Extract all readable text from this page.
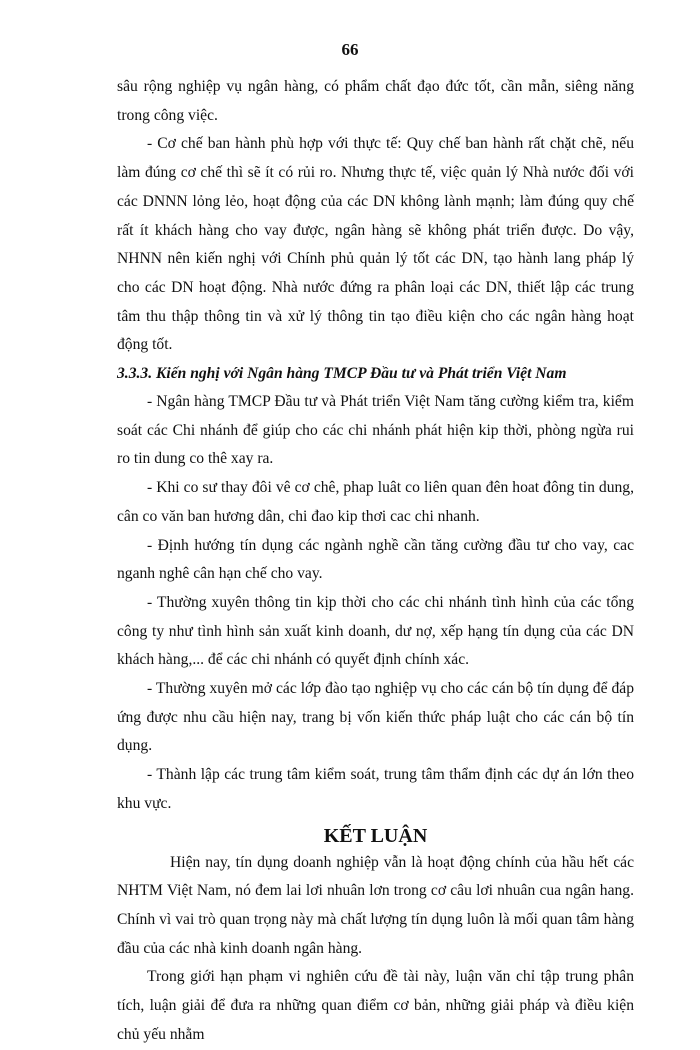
66

sâu rộng nghiệp vụ ngân hàng, có phẩm chất đạo đức tốt, cần mẫn, siêng năng trong công việc.

- Cơ chế ban hành phù hợp với thực tế: Quy chế ban hành rất chặt chẽ, nếu làm đúng cơ chế thì sẽ ít có rủi ro. Nhưng thực tế, việc quản lý Nhà nước đối với các DNNN lỏng lẻo, hoạt động của các DN không lành mạnh; làm đúng quy chế rất ít khách hàng cho vay được, ngân hàng sẽ không phát triển được. Do vậy, NHNN nên kiến nghị với Chính phủ quản lý tốt các DN, tạo hành lang pháp lý cho các DN hoạt động. Nhà nước đứng ra phân loại các DN, thiết lập các trung tâm thu thập thông tin và xử lý thông tin tạo điều kiện cho các ngân hàng hoạt động tốt.

3.3.3. Kiến nghị với Ngân hàng TMCP Đầu tư và Phát triển Việt Nam

- Ngân hàng TMCP Đầu tư và Phát triển Việt Nam tăng cường kiểm tra, kiểm soát các Chi nhánh để giúp cho các chi nhánh phát hiện kip thời, phòng ngừa rui ro tin dung co thê xay ra.

- Khi co sư thay đôi vê cơ chê, phap luât co liên quan đên hoat đông tin dung, cân co văn ban hương dân, chi đao kip thơi cac chi nhanh.

- Định hướng tín dụng các ngành nghề cần tăng cường đầu tư cho vay, cac nganh nghê cân hạn chế cho vay.

- Thường xuyên thông tin kịp thời cho các chi nhánh tình hình của các tổng công ty như tình hình sản xuất kinh doanh, dư nợ, xếp hạng tín dụng của các DN khách hàng,... để các chi nhánh có quyết định chính xác.

- Thường xuyên mở các lớp đào tạo nghiệp vụ cho các cán bộ tín dụng để đáp ứng được nhu cầu hiện nay, trang bị vốn kiến thức pháp luật cho các cán bộ tín dụng.

- Thành lập các trung tâm kiểm soát, trung tâm thẩm định các dự án lớn theo khu vực.

KẾT LUẬN

Hiện nay, tín dụng doanh nghiệp vẫn là hoạt động chính của hầu hết các NHTM Việt Nam, nó đem lai lơi nhuân lơn trong cơ câu lơi nhuân cua ngân hang. Chính vì vai trò quan trọng này mà chất lượng tín dụng luôn là mối quan tâm hàng đầu của các nhà kinh doanh ngân hàng.

Trong giới hạn phạm vi nghiên cứu đề tài này, luận văn chỉ tập trung phân tích, luận giải để đưa ra những quan điểm cơ bản, những giải pháp và điều kiện chủ yếu nhằm
